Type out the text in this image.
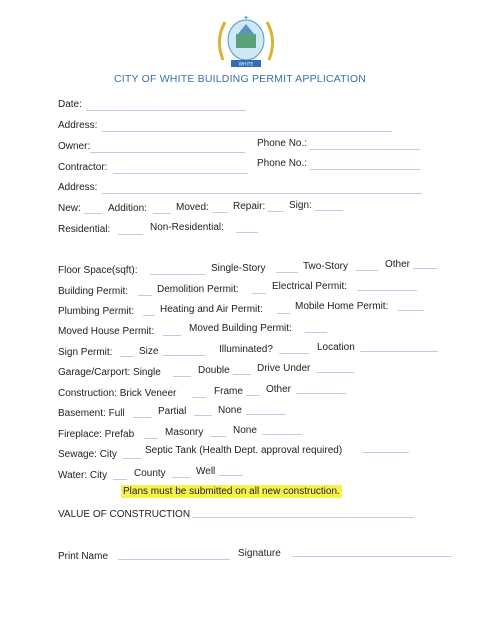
✦
WHITE
CITY OF WHITE BUILDING PERMIT APPLICATION
Date:
Address:
Owner:	Phone No.:
Contractor:	Phone No.:
Address:
New:	Addition:	Moved: Repair: Sign:
Residential:	Non-Residential:
Floor Space(sqft):	Single-Story	Two-Story	Other
Building Permit:	Demolition Permit:	Electrical Permit:
Plumbing Permit:	Heating and Air Permit:	Mobile Home Permit:
Moved House Permit:	Moved Building Permit:
Sign Permit:	Size	Illuminated?	Location
Garage/Carport: Single	Double	Drive Under
Construction: Brick Veneer	Frame Other
Basement: Full	Partial	None
Fireplace: Prefab	Masonry	None
Sewage: City	Septic Tank (Health Dept. approval required)
Water: City	County	Well
Plans must be submitted on all new construction.
VALUE OF CONSTRUCTION
Print Name	Signature
